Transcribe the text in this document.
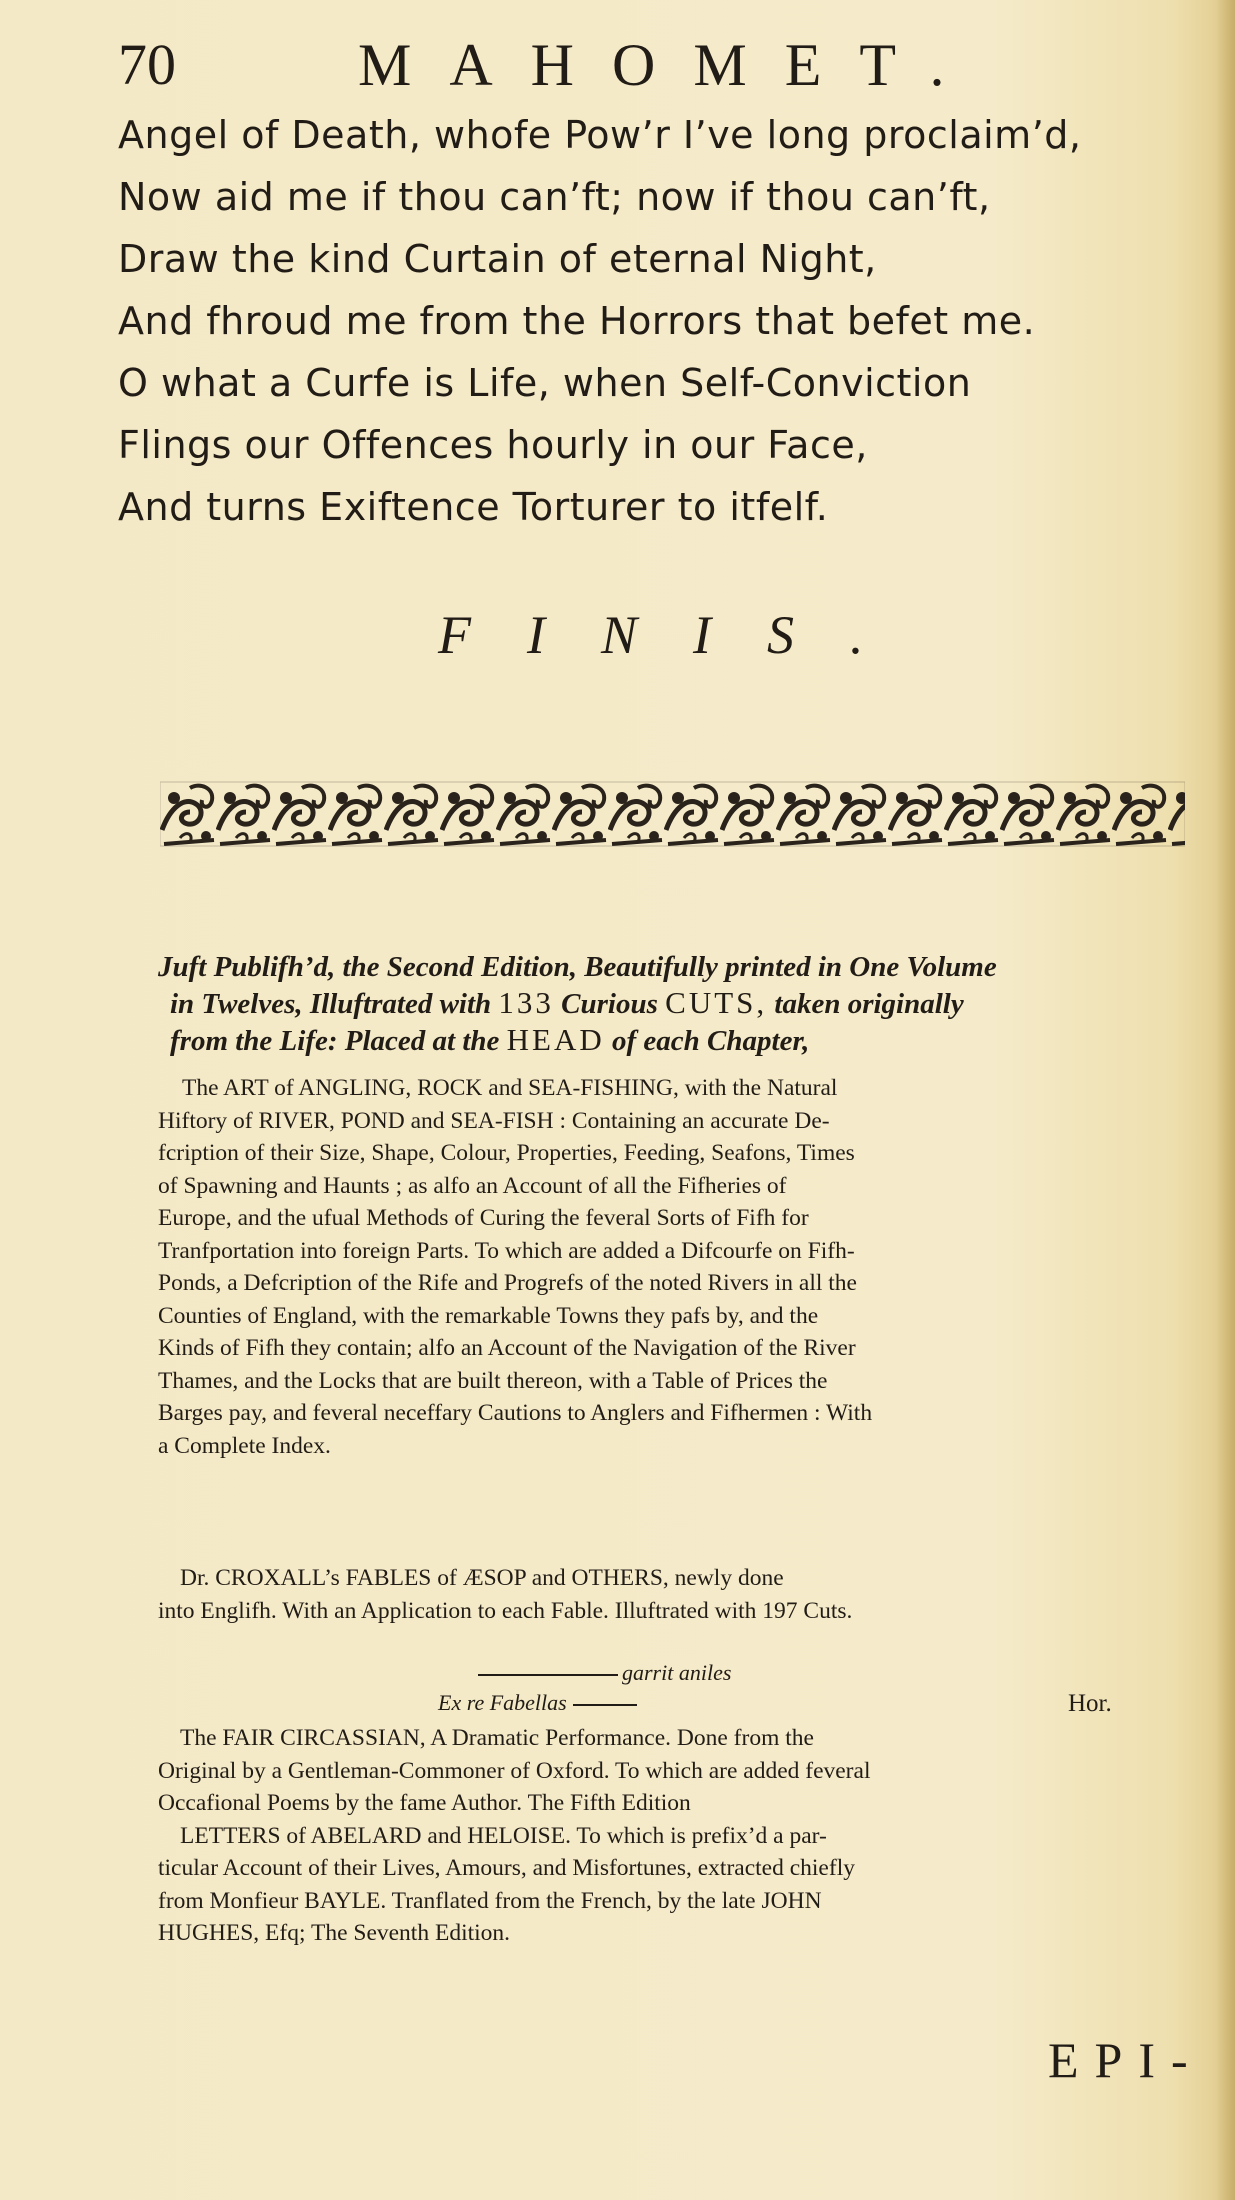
70	MAHOMET.
Angel of Death, whofe Pow’r I’ve long proclaim’d,
Now aid me if thou can’ft; now if thou can’ft,
Draw the kind Curtain of eternal Night,
And fhroud me from the Horrors that befet me.
O what a Curfe is Life, when Self-Conviction
Flings our Offences hourly in our Face,
And turns Exiftence Torturer to itfelf.
FINIS.
Juft Publifh’d, the Second Edition, Beautifully printed in One Volume
in Twelves, Illuftrated with 133 Curious CUTS, taken originally
from the Life: Placed at the HEAD of each Chapter,
The ART of ANGLING, ROCK and SEA-FISHING, with the Natural
Hiftory of RIVER, POND and SEA-FISH : Containing an accurate De-
fcription of their Size, Shape, Colour, Properties, Feeding, Seafons, Times
of Spawning and Haunts ; as alfo an Account of all the Fifheries of
Europe, and the ufual Methods of Curing the feveral Sorts of Fifh for
Tranfportation into foreign Parts. To which are added a Difcourfe on Fifh-
Ponds, a Defcription of the Rife and Progrefs of the noted Rivers in all the
Counties of England, with the remarkable Towns they pafs by, and the
Kinds of Fifh they contain; alfo an Account of the Navigation of the River
Thames, and the Locks that are built thereon, with a Table of Prices the
Barges pay, and feveral neceffary Cautions to Anglers and Fifhermen : With
a Complete Index.
Dr. CROXALL’s FABLES of ÆSOP and OTHERS, newly done
into Englifh. With an Application to each Fable. Illuftrated with 197 Cuts.
garrit aniles
Ex re Fabellas	Hor.
The FAIR CIRCASSIAN, A Dramatic Performance. Done from the
Original by a Gentleman-Commoner of Oxford. To which are added feveral
Occafional Poems by the fame Author. The Fifth Edition
LETTERS of ABELARD and HELOISE. To which is prefix’d a par-
ticular Account of their Lives, Amours, and Misfortunes, extracted chiefly
from Monfieur BAYLE. Tranflated from the French, by the late JOHN
HUGHES, Efq; The Seventh Edition.
EPI-
